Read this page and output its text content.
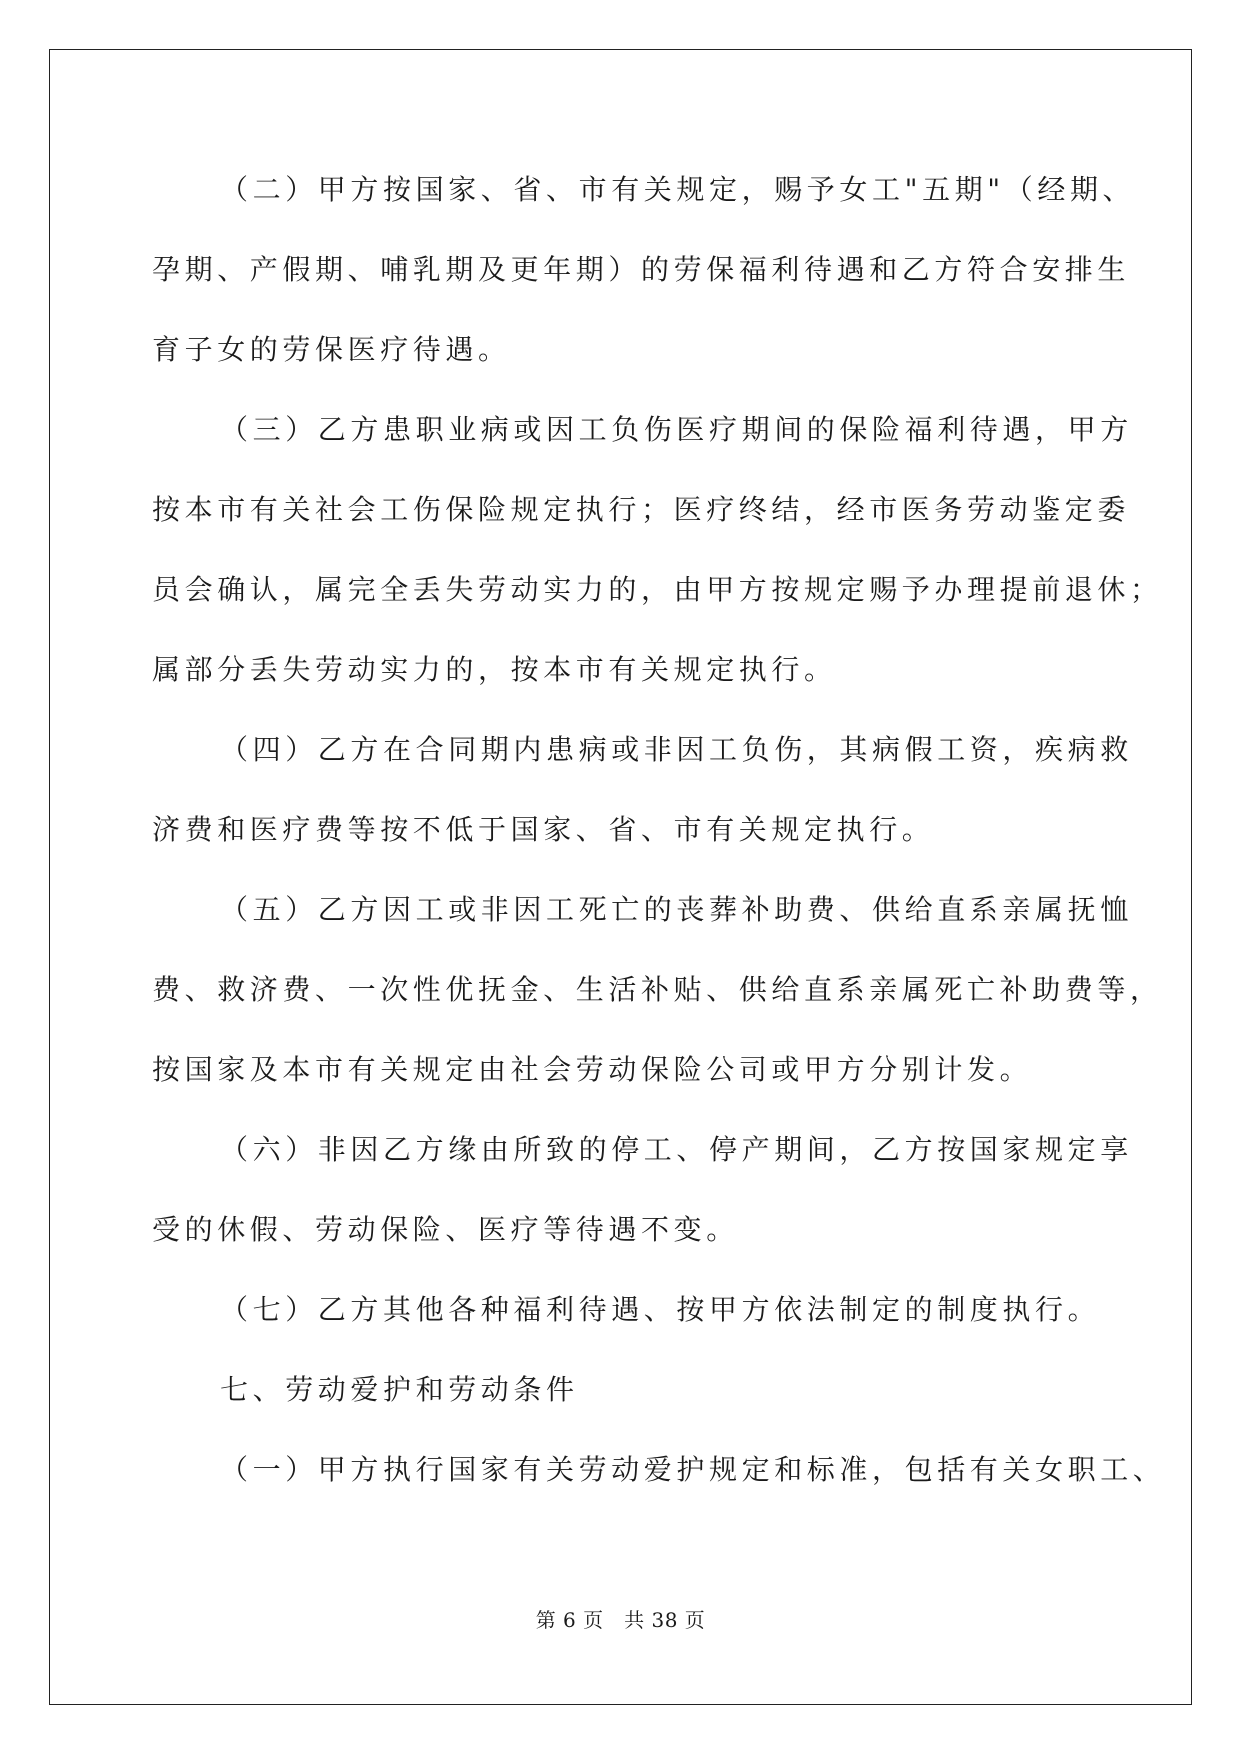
（二）甲方按国家、省、市有关规定，赐予女工"五期"（经期、
孕期、产假期、哺乳期及更年期）的劳保福利待遇和乙方符合安排生
育子女的劳保医疗待遇。
（三）乙方患职业病或因工负伤医疗期间的保险福利待遇，甲方
按本市有关社会工伤保险规定执行；医疗终结，经市医务劳动鉴定委
员会确认，属完全丢失劳动实力的，由甲方按规定赐予办理提前退休；
属部分丢失劳动实力的，按本市有关规定执行。
（四）乙方在合同期内患病或非因工负伤，其病假工资，疾病救
济费和医疗费等按不低于国家、省、市有关规定执行。
（五）乙方因工或非因工死亡的丧葬补助费、供给直系亲属抚恤
费、救济费、一次性优抚金、生活补贴、供给直系亲属死亡补助费等，
按国家及本市有关规定由社会劳动保险公司或甲方分别计发。
（六）非因乙方缘由所致的停工、停产期间，乙方按国家规定享
受的休假、劳动保险、医疗等待遇不变。
（七）乙方其他各种福利待遇、按甲方依法制定的制度执行。
七、劳动爱护和劳动条件
（一）甲方执行国家有关劳动爱护规定和标准，包括有关女职工、
第 6 页　共 38 页
